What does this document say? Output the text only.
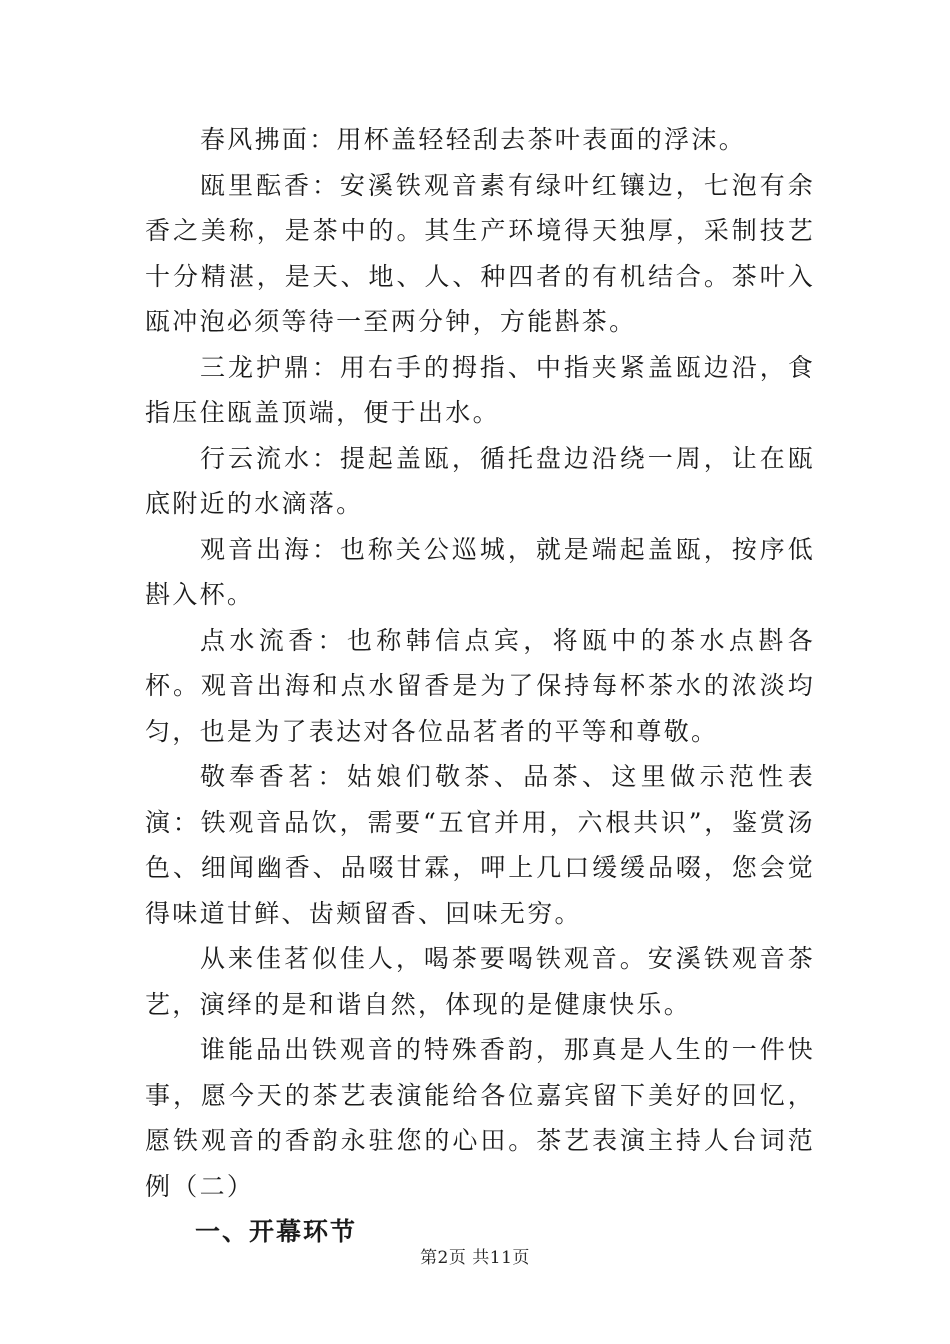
春风拂面：用杯盖轻轻刮去茶叶表面的浮沫。

瓯里酝香：安溪铁观音素有绿叶红镶边，七泡有余香之美称，是茶中的。其生产环境得天独厚，采制技艺十分精湛，是天、地、人、种四者的有机结合。茶叶入瓯冲泡必须等待一至两分钟，方能斟茶。

三龙护鼎：用右手的拇指、中指夹紧盖瓯边沿，食指压住瓯盖顶端，便于出水。

行云流水：提起盖瓯，循托盘边沿绕一周，让在瓯底附近的水滴落。

观音出海：也称关公巡城，就是端起盖瓯，按序低斟入杯。

点水流香：也称韩信点宾，将瓯中的茶水点斟各杯。观音出海和点水留香是为了保持每杯茶水的浓淡均匀，也是为了表达对各位品茗者的平等和尊敬。

敬奉香茗：姑娘们敬茶、品茶、这里做示范性表演：铁观音品饮，需要“五官并用，六根共识”，鉴赏汤色、细闻幽香、品啜甘霖，呷上几口缓缓品啜，您会觉得味道甘鲜、齿颊留香、回味无穷。

从来佳茗似佳人，喝茶要喝铁观音。安溪铁观音茶艺，演绎的是和谐自然，体现的是健康快乐。

谁能品出铁观音的特殊香韵，那真是人生的一件快事，愿今天的茶艺表演能给各位嘉宾留下美好的回忆，愿铁观音的香韵永驻您的心田。茶艺表演主持人台词范例（二）

一、开幕环节

第2页 共11页
